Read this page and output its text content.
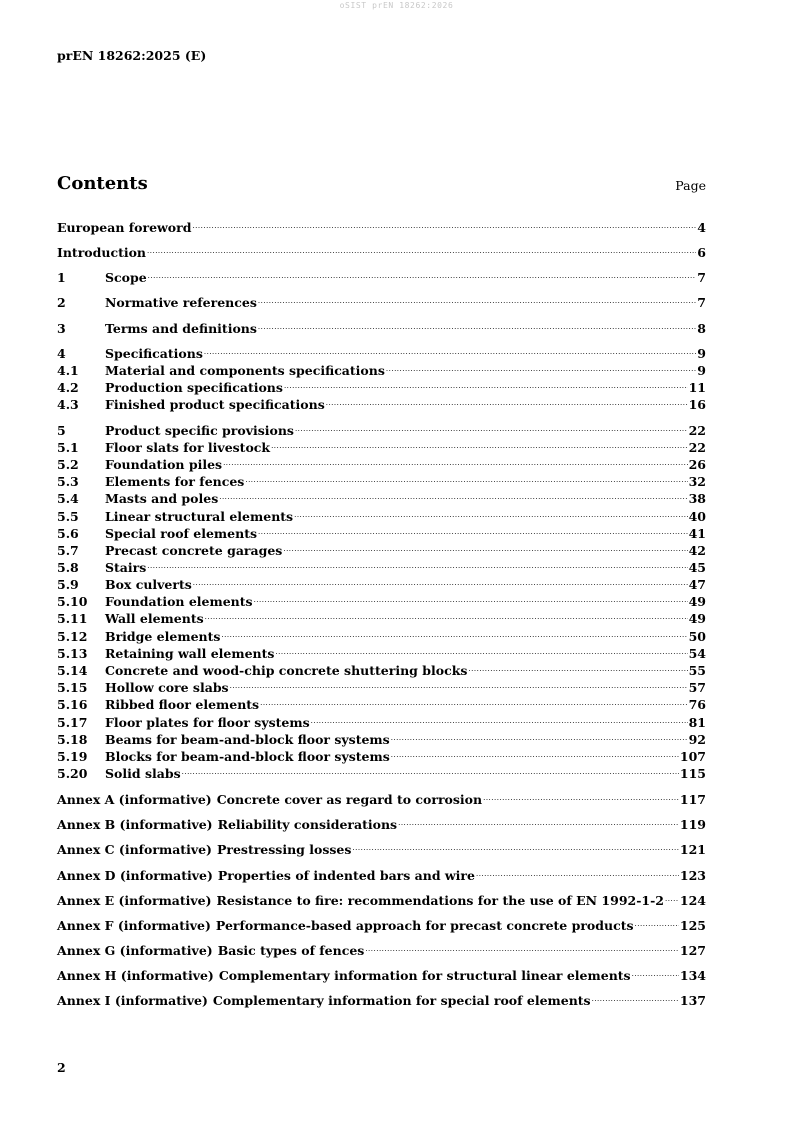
oSIST prEN 18262:2026
prEN 18262:2025 (E)
Contents	Page
European foreword .....	4
Introduction .....	6
1	Scope .....	7
2	Normative references .....	7
3	Terms and definitions .....	8
4	Specifications .....	9
4.1	Material and components specifications .....	9
4.2	Production specifications .....	11
4.3	Finished product specifications .....	16
5	Product specific provisions .....	22
5.1	Floor slats for livestock .....	22
5.2	Foundation piles .....	26
5.3	Elements for fences .....	32
5.4	Masts and poles .....	38
5.5	Linear structural elements .....	40
5.6	Special roof elements .....	41
5.7	Precast concrete garages .....	42
5.8	Stairs .....	45
5.9	Box culverts .....	47
5.10	Foundation elements .....	49
5.11	Wall elements .....	49
5.12	Bridge elements .....	50
5.13	Retaining wall elements .....	54
5.14	Concrete and wood-chip concrete shuttering blocks .....	55
5.15	Hollow core slabs .....	57
5.16	Ribbed floor elements .....	76
5.17	Floor plates for floor systems .....	81
5.18	Beams for beam-and-block floor systems .....	92
5.19	Blocks for beam-and-block floor systems .....	107
5.20	Solid slabs .....	115
Annex A (informative) Concrete cover as regard to corrosion .....	117
Annex B (informative) Reliability considerations .....	119
Annex C (informative) Prestressing losses .....	121
Annex D (informative) Properties of indented bars and wire .....	123
Annex E (informative) Resistance to fire: recommendations for the use of EN 1992-1-2 ..... 124
Annex F (informative) Performance-based approach for precast concrete products .....	125
Annex G (informative) Basic types of fences .....	127
Annex H (informative) Complementary information for structural linear elements .....	134
Annex I (informative) Complementary information for special roof elements .....	137
2
